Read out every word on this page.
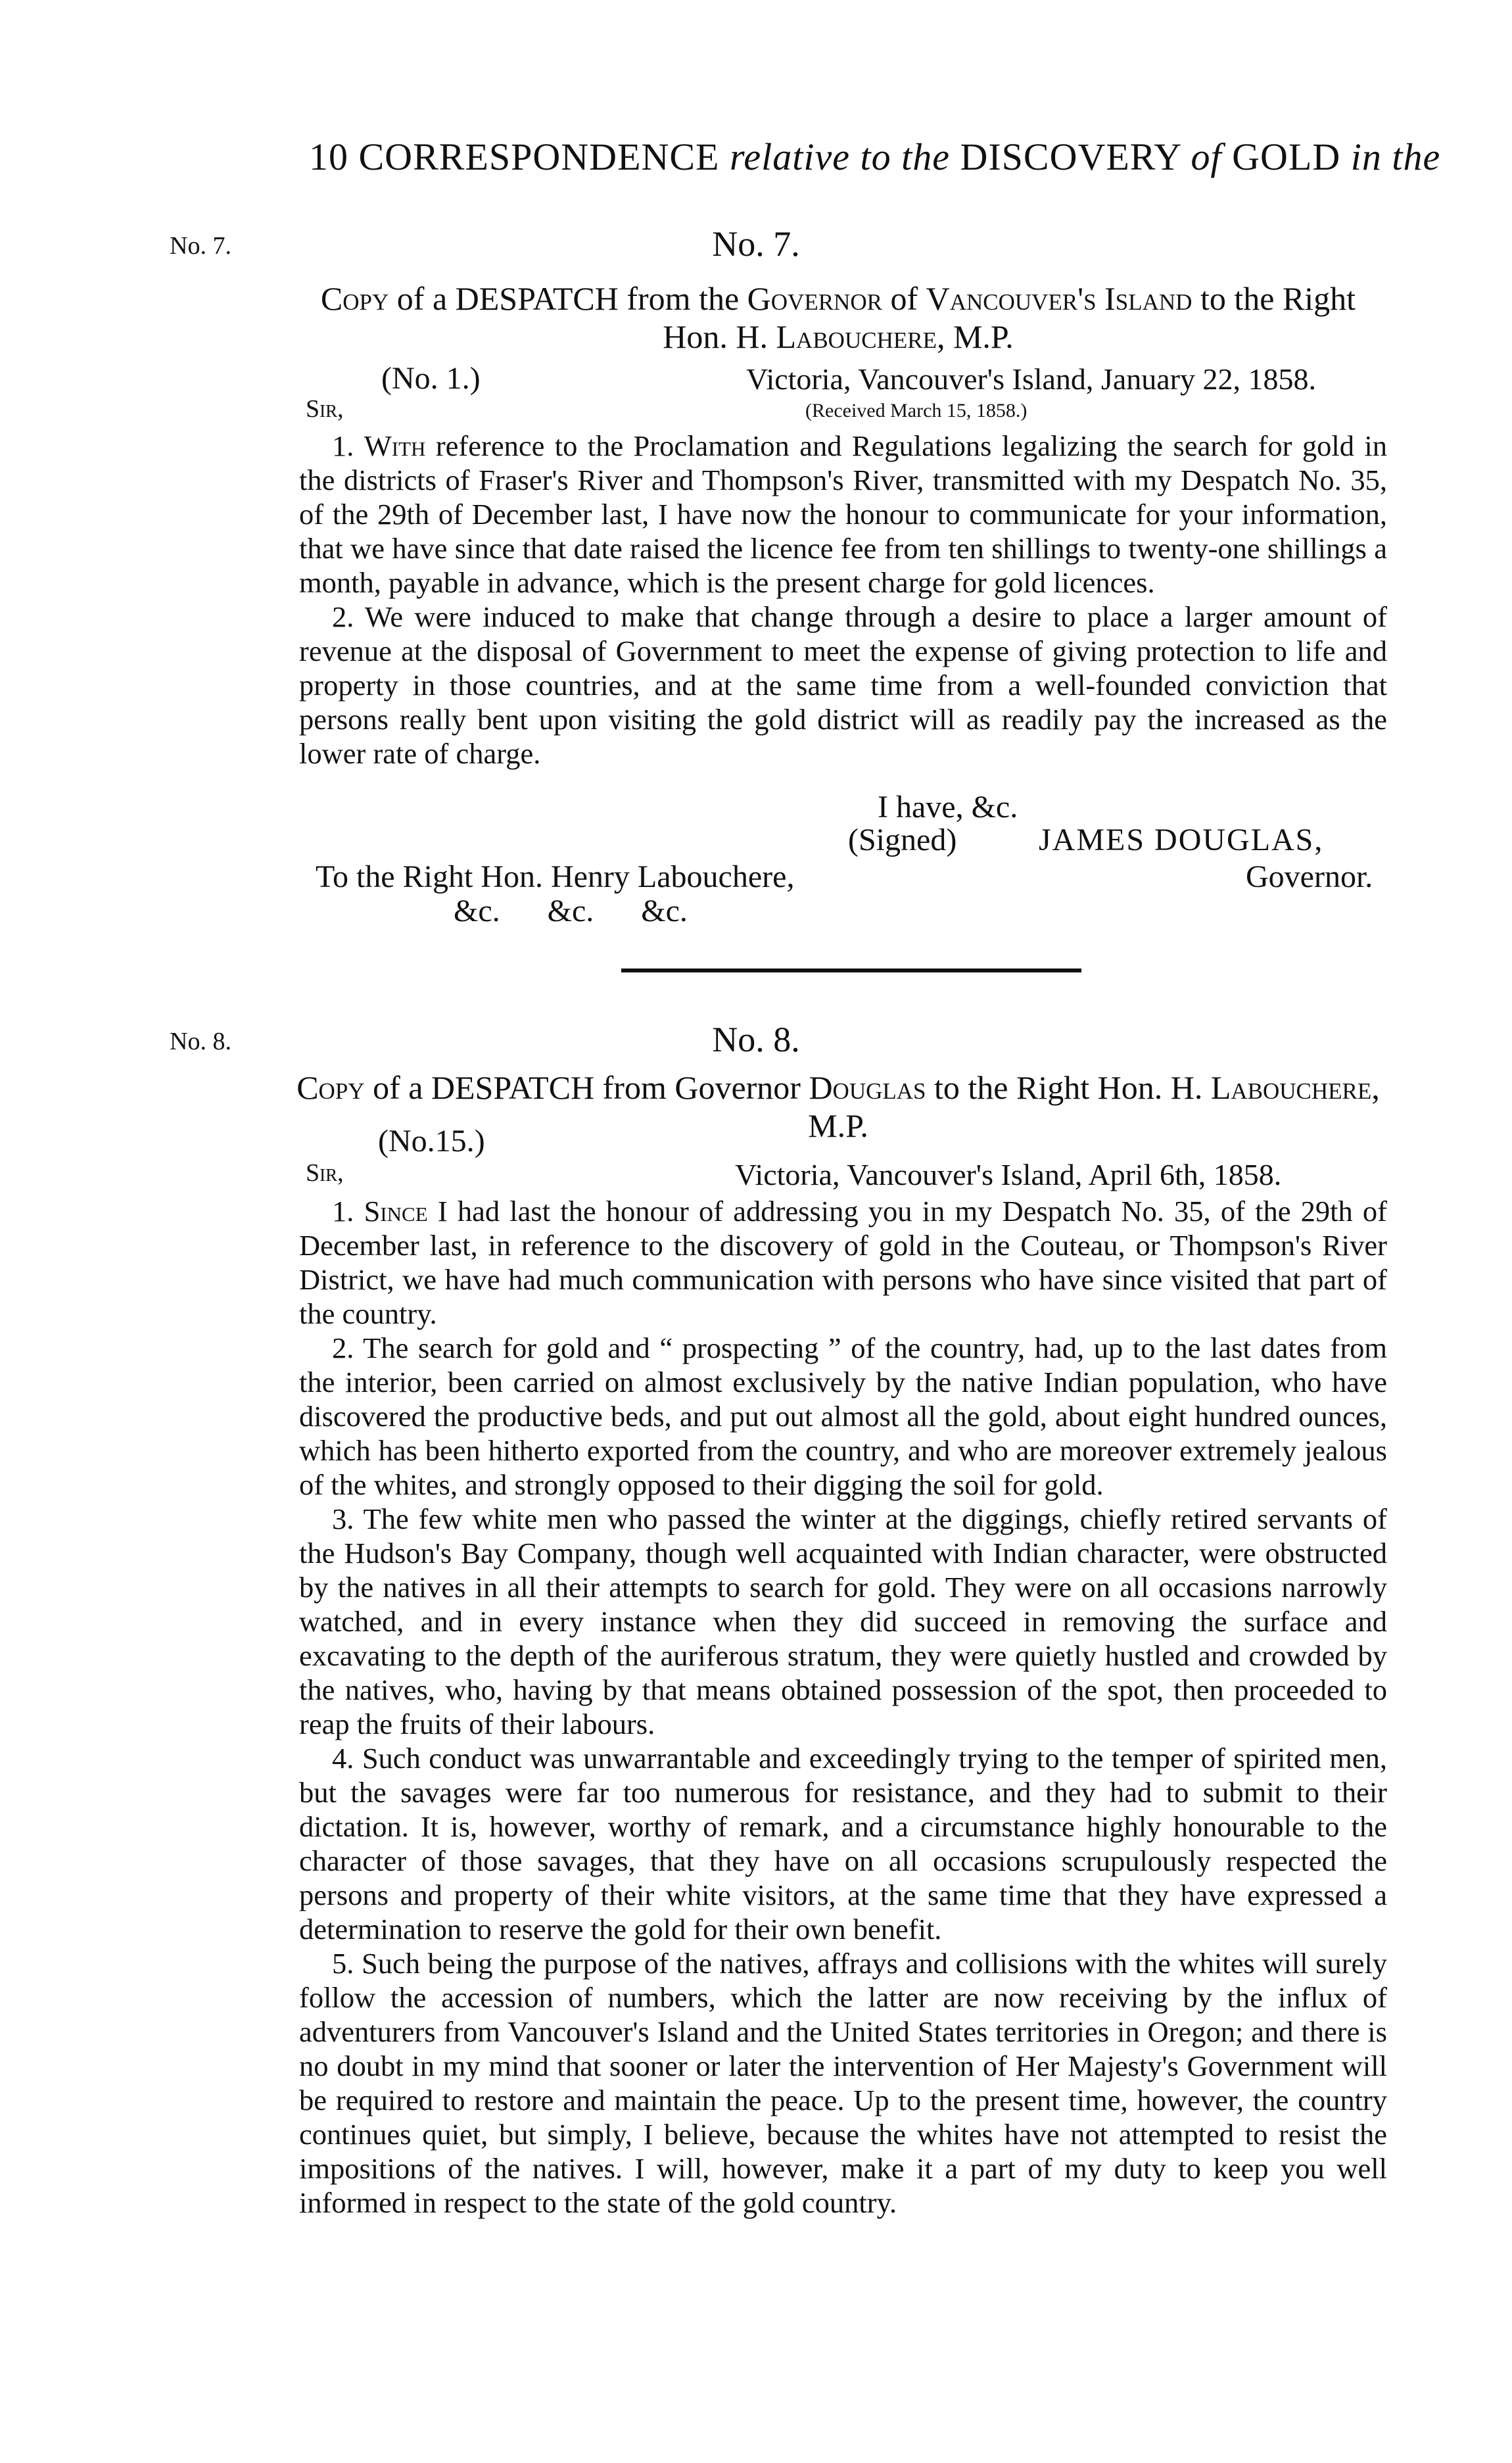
10 CORRESPONDENCE relative to the DISCOVERY of GOLD in the
No. 7.	No. 7.
Copy of a DESPATCH from the Governor of Vancouver's Island to the Right Hon. H. Labouchere, M.P.
(No. 1.)	Victoria, Vancouver's Island, January 22, 1858.
Sir,	(Received March 15, 1858.)

1. With reference to the Proclamation and Regulations legalizing the search for gold in the districts of Fraser's River and Thompson's River, transmitted with my Despatch No. 35, of the 29th of December last, I have now the honour to communicate for your information, that we have since that date raised the licence fee from ten shillings to twenty-one shillings a month, payable in advance, which is the present charge for gold licences.

2. We were induced to make that change through a desire to place a larger amount of revenue at the disposal of Government to meet the expense of giving protection to life and property in those countries, and at the same time from a well-founded conviction that persons really bent upon visiting the gold district will as readily pay the increased as the lower rate of charge.

I have, &c.
(Signed)	JAMES DOUGLAS,
To the Right Hon. Henry Labouchere,	Governor.
&c.      &c.      &c.
No. 8.	No. 8.
Copy of a DESPATCH from Governor Douglas to the Right Hon. H. Labouchere, M.P.
(No.15.)
Sir,	Victoria, Vancouver's Island, April 6th, 1858.

1. Since I had last the honour of addressing you in my Despatch No. 35, of the 29th of December last, in reference to the discovery of gold in the Couteau, or Thompson's River District, we have had much communication with persons who have since visited that part of the country.

2. The search for gold and “ prospecting ” of the country, had, up to the last dates from the interior, been carried on almost exclusively by the native Indian population, who have discovered the productive beds, and put out almost all the gold, about eight hundred ounces, which has been hitherto exported from the country, and who are moreover extremely jealous of the whites, and strongly opposed to their digging the soil for gold.

3. The few white men who passed the winter at the diggings, chiefly retired servants of the Hudson's Bay Company, though well acquainted with Indian character, were obstructed by the natives in all their attempts to search for gold. They were on all occasions narrowly watched, and in every instance when they did succeed in removing the surface and excavating to the depth of the auriferous stratum, they were quietly hustled and crowded by the natives, who, having by that means obtained possession of the spot, then proceeded to reap the fruits of their labours.

4. Such conduct was unwarrantable and exceedingly trying to the temper of spirited men, but the savages were far too numerous for resistance, and they had to submit to their dictation. It is, however, worthy of remark, and a circumstance highly honourable to the character of those savages, that they have on all occasions scrupulously respected the persons and property of their white visitors, at the same time that they have expressed a determination to reserve the gold for their own benefit.

5. Such being the purpose of the natives, affrays and collisions with the whites will surely follow the accession of numbers, which the latter are now receiving by the influx of adventurers from Vancouver's Island and the United States territories in Oregon; and there is no doubt in my mind that sooner or later the intervention of Her Majesty's Government will be required to restore and maintain the peace. Up to the present time, however, the country continues quiet, but simply, I believe, because the whites have not attempted to resist the impositions of the natives. I will, however, make it a part of my duty to keep you well informed in respect to the state of the gold country.
